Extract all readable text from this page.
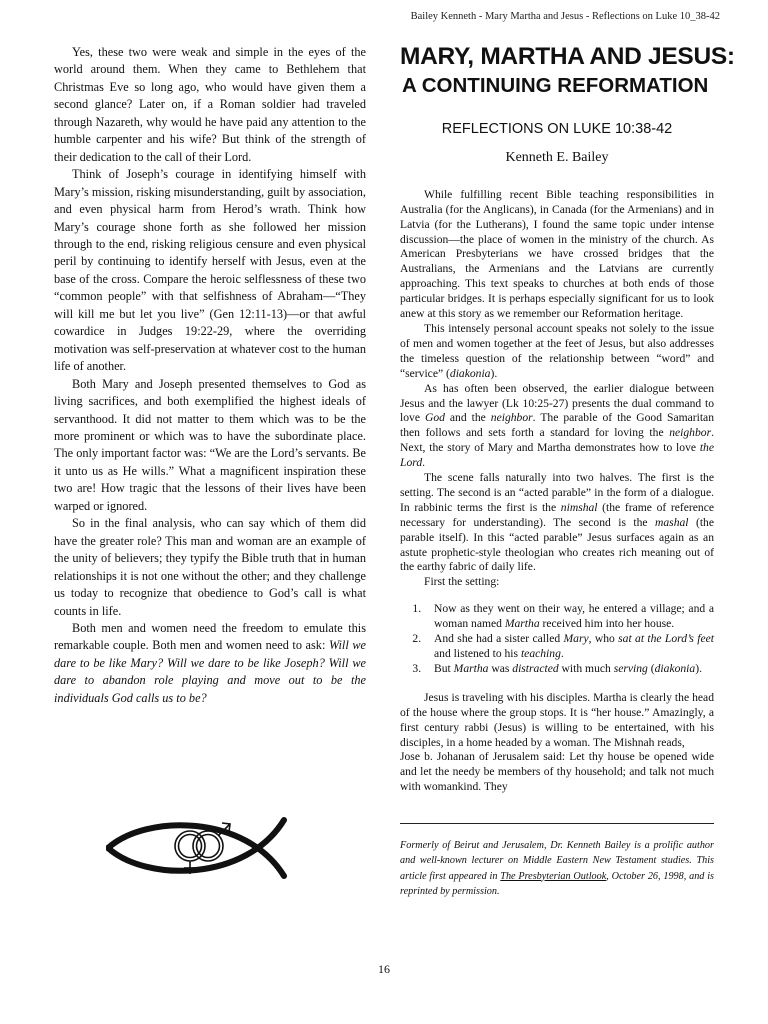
Bailey Kenneth - Mary Martha and Jesus - Reflections on Luke 10_38-42

Yes, these two were weak and simple in the eyes of the world around them. When they came to Bethlehem that Christmas Eve so long ago, who would have given them a second glance? Later on, if a Roman soldier had traveled through Nazareth, why would he have paid any attention to the humble carpenter and his wife? But think of the strength of their dedication to the call of their Lord.

Think of Joseph’s courage in identifying himself with Mary’s mission, risking misunderstanding, guilt by association, and even physical harm from Herod’s wrath. Think how Mary’s courage shone forth as she followed her mission through to the end, risking religious censure and even physical peril by continuing to identify herself with Jesus, even at the base of the cross. Compare the heroic selflessness of these two “common people” with that selfishness of Abraham—“They will kill me but let you live” (Gen 12:11-13)—or that awful cowardice in Judges 19:22-29, where the overriding motivation was self-preservation at whatever cost to the human life of another.

Both Mary and Joseph presented themselves to God as living sacrifices, and both exemplified the highest ideals of servanthood. It did not matter to them which was to be the more prominent or which was to have the subordinate place. The only important factor was: “We are the Lord’s servants. Be it unto us as He wills.” What a magnificent inspiration these two are! How tragic that the lessons of their lives have been warped or ignored.

So in the final analysis, who can say which of them did have the greater role? This man and woman are an example of the unity of believers; they typify the Bible truth that in human relationships it is not one without the other; and they challenge us today to recognize that obedience to God’s call is what counts in life.

Both men and women need the freedom to emulate this remarkable couple. Both men and women need to ask: Will we dare to be like Mary? Will we dare to be like Joseph? Will we dare to abandon role playing and move out to be the individuals God calls us to be?

MARY, MARTHA AND JESUS:
A CONTINUING REFORMATION
REFLECTIONS ON LUKE 10:38-42
Kenneth E. Bailey

While fulfilling recent Bible teaching responsibilities in Australia (for the Anglicans), in Canada (for the Armenians) and in Latvia (for the Lutherans), I found the same topic under intense discussion—the place of women in the ministry of the church. As American Presbyterians we have crossed bridges that the Australians, the Armenians and the Latvians are currently approaching. This text speaks to churches at both ends of those particular bridges. It is perhaps especially significant for us to look anew at this story as we remember our Reformation heritage.

This intensely personal account speaks not solely to the issue of men and women together at the feet of Jesus, but also addresses the timeless question of the relationship between “word” and “service” (diakonia).

As has often been observed, the earlier dialogue between Jesus and the lawyer (Lk 10:25-27) presents the dual command to love God and the neighbor. The parable of the Good Samaritan then follows and sets forth a standard for loving the neighbor. Next, the story of Mary and Martha demonstrates how to love the Lord.

The scene falls naturally into two halves. The first is the setting. The second is an “acted parable” in the form of a dialogue. In rabbinic terms the first is the nimshal (the frame of reference necessary for understanding). The second is the mashal (the parable itself). In this “acted parable” Jesus surfaces again as an astute prophetic-style theologian who creates rich meaning out of the earthy fabric of daily life.

First the setting:

1. Now as they went on their way, he entered a village; and a woman named Martha received him into her house.
2. And she had a sister called Mary, who sat at the Lord’s feet and listened to his teaching.
3. But Martha was distracted with much serving (diakonia).

Jesus is traveling with his disciples. Martha is clearly the head of the house where the group stops. It is “her house.” Amazingly, a first century rabbi (Jesus) is willing to be entertained, with his disciples, in a home headed by a woman. The Mishnah reads,

Jose b. Johanan of Jerusalem said: Let thy house be opened wide and let the needy be members of thy household; and talk not much with womankind. They

Formerly of Beirut and Jerusalem, Dr. Kenneth Bailey is a prolific author and well-known lecturer on Middle Eastern New Testament studies. This article first appeared in The Presbyterian Outlook, October 26, 1998, and is reprinted by permission.
16
